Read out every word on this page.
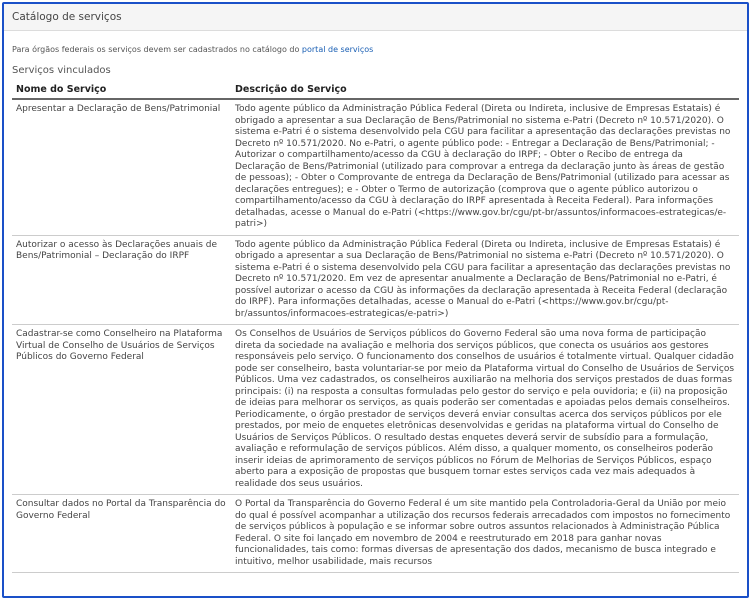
Catálogo de serviços
Para órgãos federais os serviços devem ser cadastrados no catálogo do portal de serviços
Serviços vinculados
Nome do Serviço	Descrição do Serviço
Apresentar a Declaração de Bens/Patrimonial	Todo agente público da Administração Pública Federal (Direta ou Indireta, inclusive de Empresas Estatais) é obrigado a apresentar a sua Declaração de Bens/Patrimonial no sistema e-Patri (Decreto nº 10.571/2020). O sistema e-Patri é o sistema desenvolvido pela CGU para facilitar a apresentação das declarações previstas no Decreto nº 10.571/2020. No e-Patri, o agente público pode: - Entregar a Declaração de Bens/Patrimonial; - Autorizar o compartilhamento/acesso da CGU à declaração do IRPF; - Obter o Recibo de entrega da Declaração de Bens/Patrimonial (utilizado para comprovar a entrega da declaração junto às áreas de gestão de pessoas); - Obter o Comprovante de entrega da Declaração de Bens/Patrimonial (utilizado para acessar as declarações entregues); e - Obter o Termo de autorização (comprova que o agente público autorizou o compartilhamento/acesso da CGU à declaração do IRPF apresentada à Receita Federal). Para informações detalhadas, acesse o Manual do e-Patri (<https://www.gov.br/cgu/pt-br/assuntos/informacoes-estrategicas/e-patri>)
Autorizar o acesso às Declarações anuais de Bens/Patrimonial – Declaração do IRPF	Todo agente público da Administração Pública Federal (Direta ou Indireta, inclusive de Empresas Estatais) é obrigado a apresentar a sua Declaração de Bens/Patrimonial no sistema e-Patri (Decreto nº 10.571/2020). O sistema e-Patri é o sistema desenvolvido pela CGU para facilitar a apresentação das declarações previstas no Decreto nº 10.571/2020. Em vez de apresentar anualmente a Declaração de Bens/Patrimonial no e-Patri, é possível autorizar o acesso da CGU às informações da declaração apresentada à Receita Federal (declaração do IRPF). Para informações detalhadas, acesse o Manual do e-Patri (<https://www.gov.br/cgu/pt-br/assuntos/informacoes-estrategicas/e-patri>)
Cadastrar-se como Conselheiro na Plataforma Virtual de Conselho de Usuários de Serviços Públicos do Governo Federal	Os Conselhos de Usuários de Serviços públicos do Governo Federal são uma nova forma de participação direta da sociedade na avaliação e melhoria dos serviços públicos, que conecta os usuários aos gestores responsáveis pelo serviço. O funcionamento dos conselhos de usuários é totalmente virtual. Qualquer cidadão pode ser conselheiro, basta voluntariar-se por meio da Plataforma virtual do Conselho de Usuários de Serviços Públicos. Uma vez cadastrados, os conselheiros auxiliarão na melhoria dos serviços prestados de duas formas principais: (i) na resposta a consultas formuladas pelo gestor do serviço e pela ouvidoria; e (ii) na proposição de ideias para melhorar os serviços, as quais poderão ser comentadas e apoiadas pelos demais conselheiros. Periodicamente, o órgão prestador de serviços deverá enviar consultas acerca dos serviços públicos por ele prestados, por meio de enquetes eletrônicas desenvolvidas e geridas na plataforma virtual do Conselho de Usuários de Serviços Públicos. O resultado destas enquetes deverá servir de subsídio para a formulação, avaliação e reformulação de serviços públicos. Além disso, a qualquer momento, os conselheiros poderão inserir ideias de aprimoramento de serviços públicos no Fórum de Melhorias de Serviços Públicos, espaço aberto para a exposição de propostas que busquem tornar estes serviços cada vez mais adequados à realidade dos seus usuários.
Consultar dados no Portal da Transparência do Governo Federal	O Portal da Transparência do Governo Federal é um site mantido pela Controladoria-Geral da União por meio do qual é possível acompanhar a utilização dos recursos federais arrecadados com impostos no fornecimento de serviços públicos à população e se informar sobre outros assuntos relacionados à Administração Pública Federal. O site foi lançado em novembro de 2004 e reestruturado em 2018 para ganhar novas funcionalidades, tais como: formas diversas de apresentação dos dados, mecanismo de busca integrado e intuitivo, melhor usabilidade, mais recursos
